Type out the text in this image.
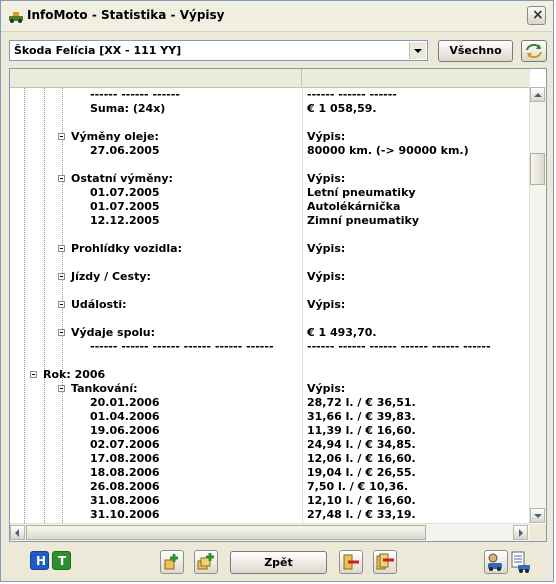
InfoMoto - Statistika - Výpisy	×
Škoda Felícia [XX - 111 YY]	Všechno
------ ------ ------	------ ------ ------
Suma: (24x)	€ 1 058,59.
Výměny oleje:	Výpis:
27.06.2005	80000 km. (-> 90000 km.)
Ostatní výměny:	Výpis:
01.07.2005	Letní pneumatiky
01.07.2005	Autolékárnička
12.12.2005	Zimní pneumatiky
Prohlídky vozidla:	Výpis:
Jízdy / Cesty:	Výpis:
Události:	Výpis:
Výdaje spolu:	€ 1 493,70.
------ ------ ------ ------ ------ ------	------ ------ ------ ------ ------ ------
Rok: 2006
Tankování:	Výpis:
20.01.2006	28,72 l. / € 36,51.
01.04.2006	31,66 l. / € 39,83.
19.06.2006	11,39 l. / € 16,60.
02.07.2006	24,94 l. / € 34,85.
17.08.2006	12,06 l. / € 16,60.
18.08.2006	19,04 l. / € 26,55.
26.08.2006	7,50 l. / € 10,36.
31.08.2006	12,10 l. / € 16,60.
31.10.2006	27,48 l. / € 33,19.
H T	Zpět
